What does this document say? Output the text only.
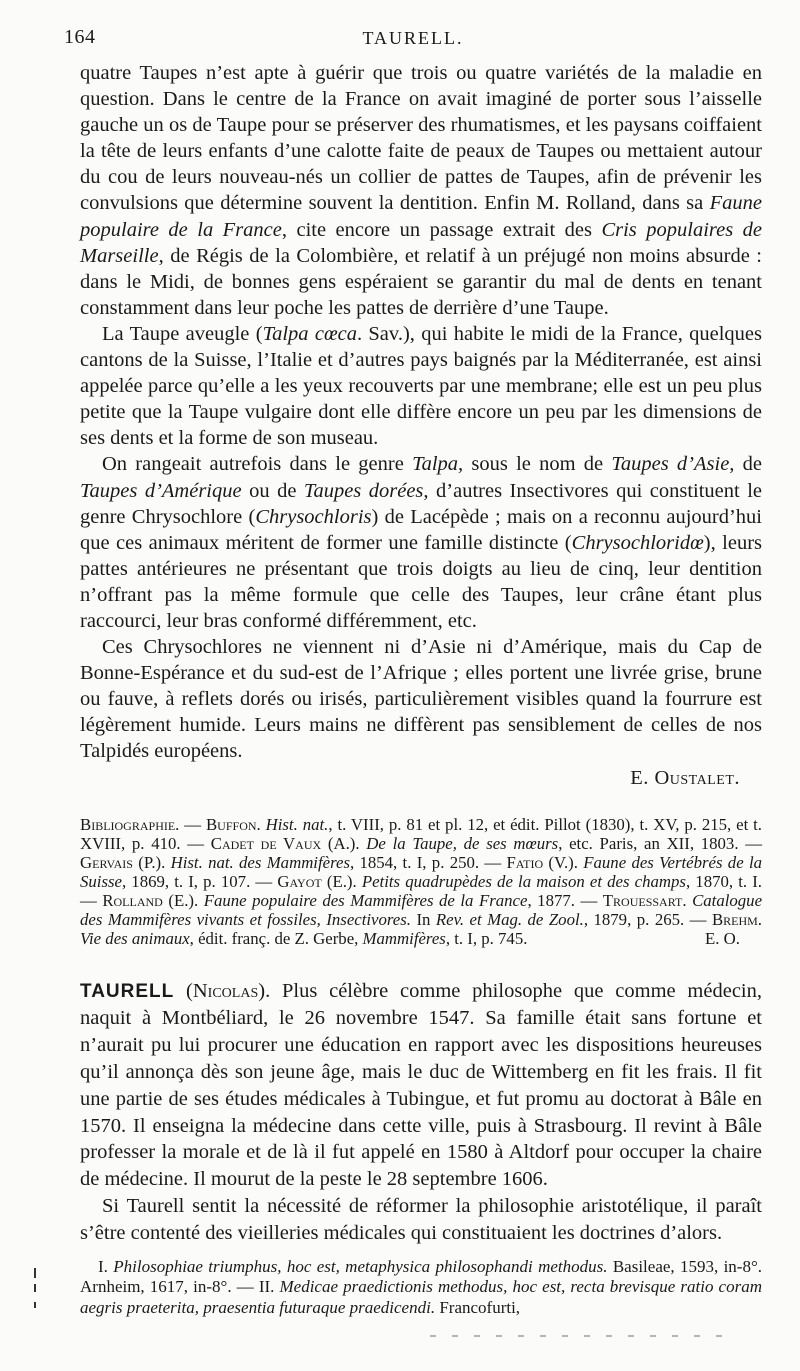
164	TAURELL.

quatre Taupes n’est apte à guérir que trois ou quatre variétés de la maladie en question. Dans le centre de la France on avait imaginé de porter sous l’aisselle gauche un os de Taupe pour se préserver des rhumatismes, et les paysans coiffaient la tête de leurs enfants d’une calotte faite de peaux de Taupes ou mettaient autour du cou de leurs nouveau-nés un collier de pattes de Taupes, afin de prévenir les convulsions que détermine souvent la dentition. Enfin M. Rolland, dans sa Faune populaire de la France, cite encore un passage extrait des Cris populaires de Marseille, de Régis de la Colombière, et relatif à un préjugé non moins absurde : dans le Midi, de bonnes gens espéraient se garantir du mal de dents en tenant constamment dans leur poche les pattes de derrière d’une Taupe.

La Taupe aveugle (Talpa cœca. Sav.), qui habite le midi de la France, quelques cantons de la Suisse, l’Italie et d’autres pays baignés par la Méditerranée, est ainsi appelée parce qu’elle a les yeux recouverts par une membrane; elle est un peu plus petite que la Taupe vulgaire dont elle diffère encore un peu par les dimensions de ses dents et la forme de son museau.

On rangeait autrefois dans le genre Talpa, sous le nom de Taupes d’Asie, de Taupes d’Amérique ou de Taupes dorées, d’autres Insectivores qui constituent le genre Chrysochlore (Chrysochloris) de Lacépède ; mais on a reconnu aujourd’hui que ces animaux méritent de former une famille distincte (Chrysochloridœ), leurs pattes antérieures ne présentant que trois doigts au lieu de cinq, leur dentition n’offrant pas la même formule que celle des Taupes, leur crâne étant plus raccourci, leur bras conformé différemment, etc.

Ces Chrysochlores ne viennent ni d’Asie ni d’Amérique, mais du Cap de Bonne-Espérance et du sud-est de l’Afrique ; elles portent une livrée grise, brune ou fauve, à reflets dorés ou irisés, particulièrement visibles quand la fourrure est légèrement humide. Leurs mains ne diffèrent pas sensiblement de celles de nos Talpidés européens.

E. Oustalet.
Bibliographie. — Buffon. Hist. nat., t. VIII, p. 81 et pl. 12, et édit. Pillot (1830), t. XV, p. 215, et t. XVIII, p. 410. — Cadet de Vaux (A.). De la Taupe, de ses mœurs, etc. Paris, an XII, 1803. — Gervais (P.). Hist. nat. des Mammifères, 1854, t. I, p. 250. — Fatio (V.). Faune des Vertébrés de la Suisse, 1869, t. I, p. 107. — Gayot (E.). Petits quadrupèdes de la maison et des champs, 1870, t. I. — Rolland (E.). Faune populaire des Mammifères de la France, 1877. — Trouessart. Catalogue des Mammifères vivants et fossiles, Insectivores. In Rev. et Mag. de Zool., 1879, p. 265. — Brehm. Vie des animaux, édit. franç. de Z. Gerbe, Mammifères, t. I, p. 745.	E. O.

TAURELL (Nicolas). Plus célèbre comme philosophe que comme médecin, naquit à Montbéliard, le 26 novembre 1547. Sa famille était sans fortune et n’aurait pu lui procurer une éducation en rapport avec les dispositions heureuses qu’il annonça dès son jeune âge, mais le duc de Wittemberg en fit les frais. Il fit une partie de ses études médicales à Tubingue, et fut promu au doctorat à Bâle en 1570. Il enseigna la médecine dans cette ville, puis à Strasbourg. Il revint à Bâle professer la morale et de là il fut appelé en 1580 à Altdorf pour occuper la chaire de médecine. Il mourut de la peste le 28 septembre 1606.

Si Taurell sentit la nécessité de réformer la philosophie aristotélique, il paraît s’être contenté des vieilleries médicales qui constituaient les doctrines d’alors.

I. Philosophiae triumphus, hoc est, metaphysica philosophandi methodus. Basileae, 1593, in-8°. Arnheim, 1617, in-8°. — II. Medicae praedictionis methodus, hoc est, recta brevisque ratio coram aegris praeterita, praesentia futuraque praedicendi. Francofurti,
